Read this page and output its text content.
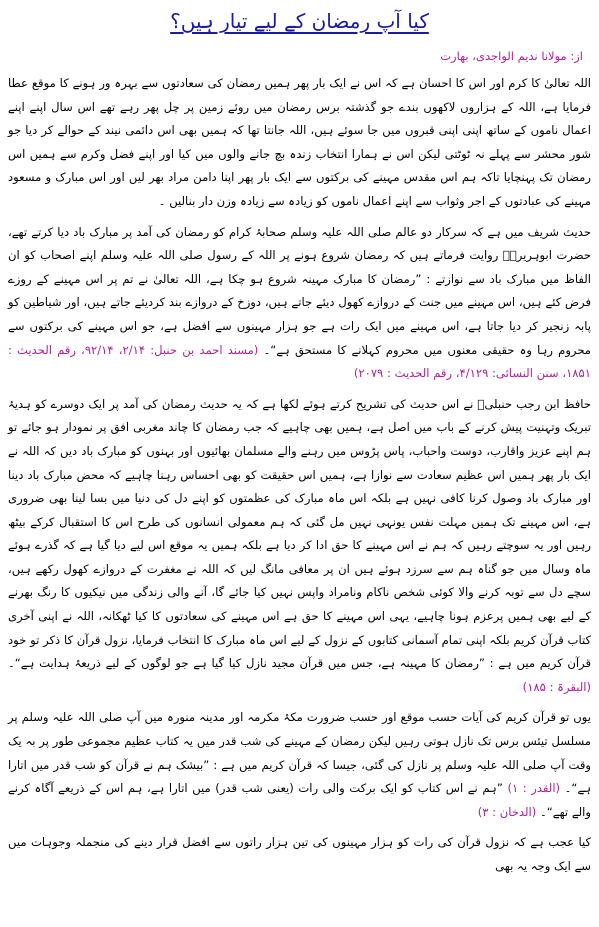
کیا آپ رمضان کے لیے تیار ہیں؟
از: مولانا ندیم الواجدی، بھارت

اللہ تعالیٰ کا کرم اور اس کا احسان ہے کہ اس نے ایک بار پھر ہمیں رمضان کی سعادتوں سے بہرہ ور ہونے کا موقع عطا فرمایا ہے، اللہ کے ہزاروں لاکھوں بندے جو گذشتہ برس رمضان میں روئے زمین پر چل پھر رہے تھے اس سال اپنے اپنے اعمال ناموں کے ساتھ اپنی اپنی قبروں میں جا سوئے ہیں، اللہ جانتا تھا کہ ہمیں بھی اس دائمی نیند کے حوالے کر دیا جو شور محشر سے پہلے نہ ٹوٹتی لیکن اس نے ہمارا انتخاب زندہ بچ جانے والوں میں کیا اور اپنے فضل وکرم سے ہمیں اس رمضان تک پہنچایا تاکہ ہم اس مقدس مہینے کی برکتوں سے ایک بار پھر اپنا دامن مراد بھر لیں اور اس مبارک و مسعود مہینے کی عبادتوں کے اجر وثواب سے اپنے اعمال ناموں کو زیادہ سے زیادہ وزن دار بنالیں ۔

حدیث شریف میں ہے کہ سرکار دو عالم صلی اللہ علیہ وسلم صحابۂ کرام کو رمضان کی آمد پر مبارک باد دیا کرتے تھے، حضرت ابوہریرہؓ روایت فرماتے ہیں کہ رمضان شروع ہونے پر اللہ کے رسول صلی اللہ علیہ وسلم اپنے اصحاب کو ان الفاظ میں مبارک باد سے نوازتے : ”رمضان کا مبارک مہینہ شروع ہو چکا ہے، اللہ تعالیٰ نے تم پر اس مہینے کے روزے فرض کئے ہیں، اس مہینے میں جنت کے دروازے کھول دیئے جاتے ہیں، دوزخ کے دروازے بند کردیئے جاتے ہیں، اور شیاطین کو پابہ زنجیر کر دیا جاتا ہے، اس مہینے میں ایک رات ہے جو ہزار مہینوں سے افضل ہے، جو اس مہینے کی برکتوں سے محروم رہا وہ حقیقی معنوں میں محروم کہلانے کا مستحق ہے“۔ (مسند احمد بن حنبل: ۲/۱۴، ۹۲/۱۴، رقم الحدیث : ۱۸۵۱، سنن النسائی: ۴/۱۲۹، رقم الحدیث : ۲۰۷۹)

حافظ ابن رجب حنبلیؒ نے اس حدیث کی تشریح کرتے ہوئے لکھا ہے کہ یہ حدیث رمضان کی آمد پر ایک دوسرے کو ہدیۂ تبریک وتہنیت پیش کرنے کے باب میں اصل ہے، ہمیں بھی چاہیے کہ جب رمضان کا چاند مغربی افق پر نمودار ہو جائے تو ہم اپنے عزیز واقارب، دوست واحباب، پاس پڑوس میں رہنے والے مسلمان بھائیوں اور بہنوں کو مبارک باد دیں کہ اللہ نے ایک بار پھر ہمیں اس عظیم سعادت سے نوازا ہے، ہمیں اس حقیقت کو بھی احساس رہنا چاہیے کہ محض مبارک باد دینا اور مبارک باد وصول کرنا کافی نہیں ہے بلکہ اس ماہ مبارک کی عظمتوں کو اپنے دل کی دنیا میں بسا لینا بھی ضروری ہے، اس مہینے تک ہمیں مہلت نفس یونہی نہیں مل گئی کہ ہم معمولی انسانوں کی طرح اس کا استقبال کرکے بیٹھ رہیں اور یہ سوچتے رہیں کہ ہم نے اس مہینے کا حق ادا کر دیا ہے بلکہ ہمیں یہ موقع اس لیے دیا گیا ہے کہ گذرے ہوئے ماہ وسال میں جو گناہ ہم سے سرزد ہوئے ہیں ان پر معافی مانگ لیں کہ اللہ نے مغفرت کے دروازے کھول رکھے ہیں، سچے دل سے توبہ کرنے والا کوئی شخص ناکام ونامراد واپس نہیں کیا جائے گا، آنے والی زندگی میں نیکیوں کا رنگ بھرنے کے لیے بھی ہمیں پرعزم ہونا چاہیے، یہی اس مہینے کا حق ہے اس مہینے کی سعادتوں کا کیا ٹھکانہ، اللہ نے اپنی آخری کتاب قرآن کریم بلکہ اپنی تمام آسمانی کتابوں کے نزول کے لیے اس ماہ مبارک کا انتخاب فرمایا، نزول قرآن کا ذکر تو خود قرآن کریم میں ہے : ”رمضان کا مہینہ ہے، جس میں قرآن مجید نازل کیا گیا ہے جو لوگوں کے لیے ذریعۂ ہدایت ہے“۔ (البقرۃ : ۱۸۵)

یوں تو قرآن کریم کی آیات حسب موقع اور حسب ضرورت مکۂ مکرمہ اور مدینہ منورہ میں آپ صلی اللہ علیہ وسلم پر مسلسل تیئس برس تک نازل ہوتی رہیں لیکن رمضان کے مہینے کی شب قدر میں یہ کتاب عظیم مجموعی طور پر بہ یک وقت آپ صلی اللہ علیہ وسلم پر نازل کی گئی، جیسا کہ قرآن کریم میں ہے : ”بیشک ہم نے قرآن کو شب قدر میں اتارا ہے“۔ (القدر : ۱) ”ہم نے اس کتاب کو ایک برکت والی رات (یعنی شب قدر) میں اتارا ہے، ہم اس کے ذریعے آگاہ کرنے والے تھے“۔ (الدخان : ۳)

کیا عجب ہے کہ نزول قرآن کی رات کو ہزار مہینوں کی تین ہزار راتوں سے افضل قرار دینے کی منجملہ وجوہات میں سے ایک وجہ یہ بھی
